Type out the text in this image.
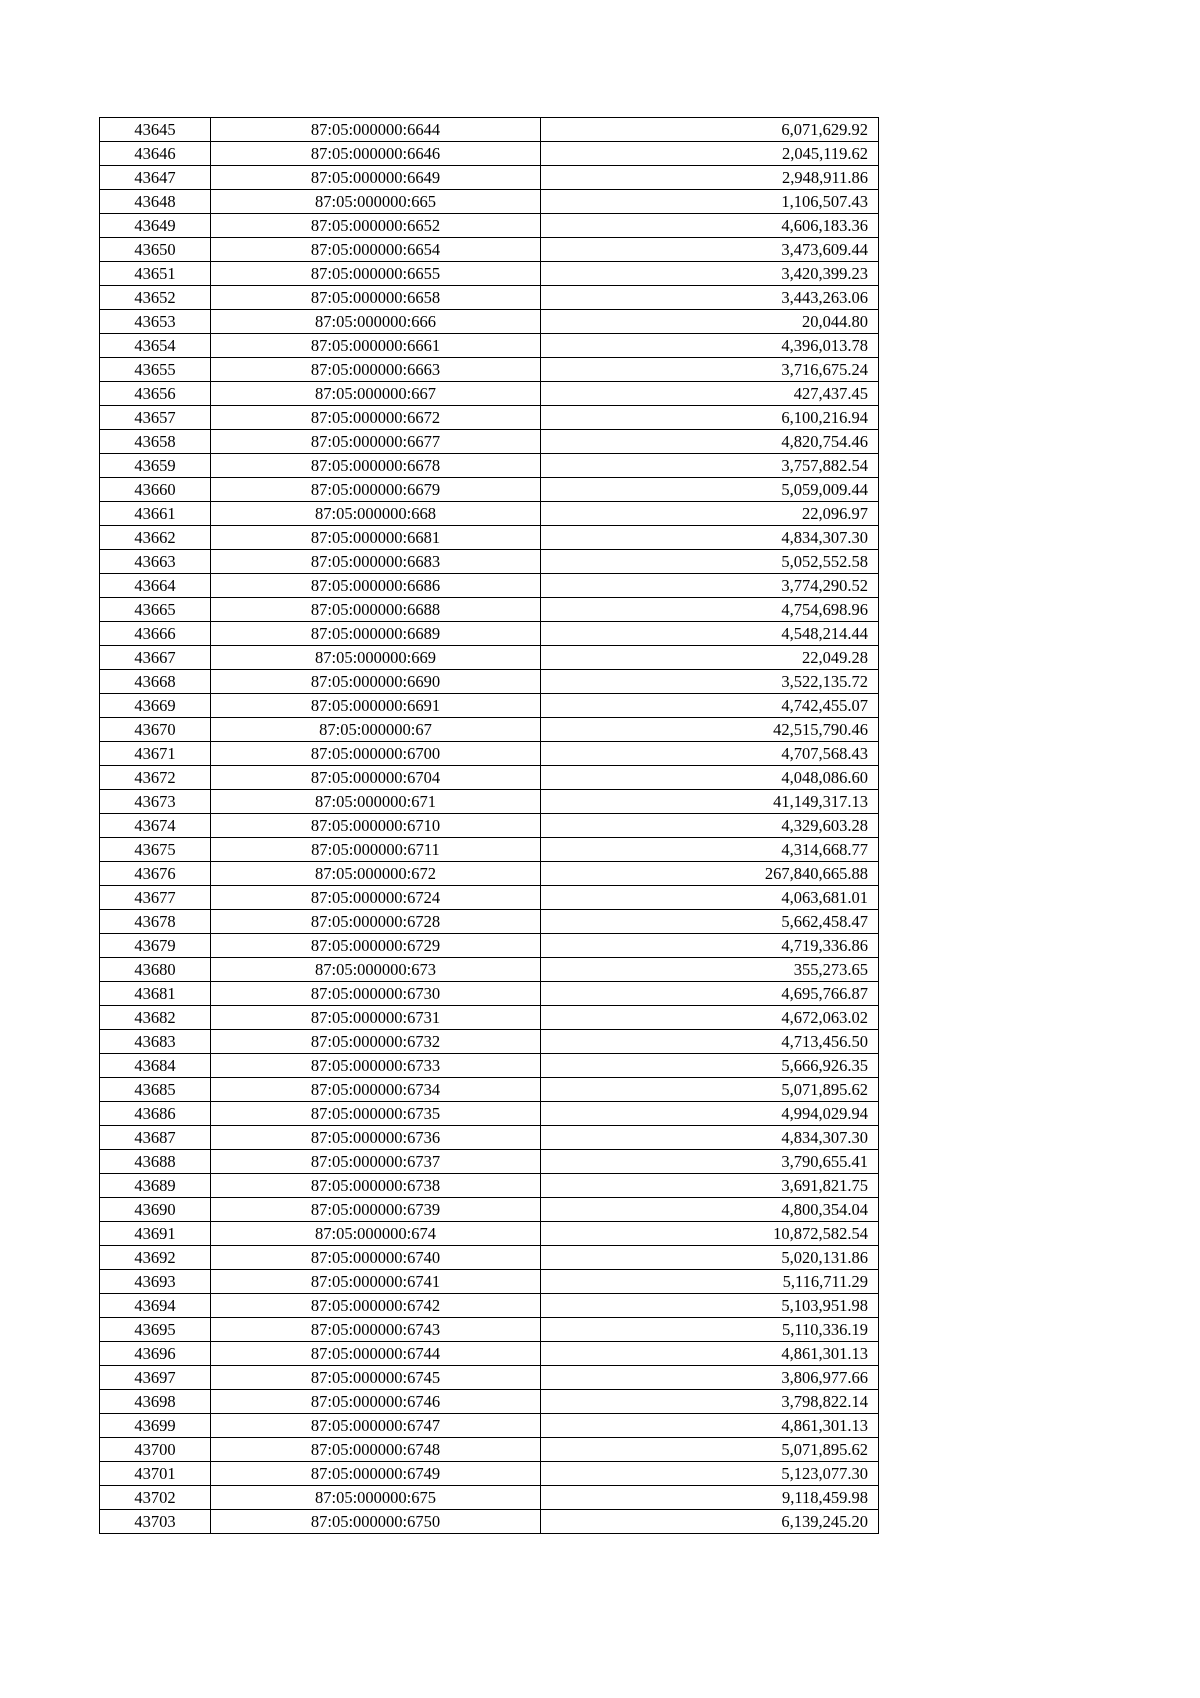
43645	87:05:000000:6644	6,071,629.92
43646	87:05:000000:6646	2,045,119.62
43647	87:05:000000:6649	2,948,911.86
43648	87:05:000000:665	1,106,507.43
43649	87:05:000000:6652	4,606,183.36
43650	87:05:000000:6654	3,473,609.44
43651	87:05:000000:6655	3,420,399.23
43652	87:05:000000:6658	3,443,263.06
43653	87:05:000000:666	20,044.80
43654	87:05:000000:6661	4,396,013.78
43655	87:05:000000:6663	3,716,675.24
43656	87:05:000000:667	427,437.45
43657	87:05:000000:6672	6,100,216.94
43658	87:05:000000:6677	4,820,754.46
43659	87:05:000000:6678	3,757,882.54
43660	87:05:000000:6679	5,059,009.44
43661	87:05:000000:668	22,096.97
43662	87:05:000000:6681	4,834,307.30
43663	87:05:000000:6683	5,052,552.58
43664	87:05:000000:6686	3,774,290.52
43665	87:05:000000:6688	4,754,698.96
43666	87:05:000000:6689	4,548,214.44
43667	87:05:000000:669	22,049.28
43668	87:05:000000:6690	3,522,135.72
43669	87:05:000000:6691	4,742,455.07
43670	87:05:000000:67	42,515,790.46
43671	87:05:000000:6700	4,707,568.43
43672	87:05:000000:6704	4,048,086.60
43673	87:05:000000:671	41,149,317.13
43674	87:05:000000:6710	4,329,603.28
43675	87:05:000000:6711	4,314,668.77
43676	87:05:000000:672	267,840,665.88
43677	87:05:000000:6724	4,063,681.01
43678	87:05:000000:6728	5,662,458.47
43679	87:05:000000:6729	4,719,336.86
43680	87:05:000000:673	355,273.65
43681	87:05:000000:6730	4,695,766.87
43682	87:05:000000:6731	4,672,063.02
43683	87:05:000000:6732	4,713,456.50
43684	87:05:000000:6733	5,666,926.35
43685	87:05:000000:6734	5,071,895.62
43686	87:05:000000:6735	4,994,029.94
43687	87:05:000000:6736	4,834,307.30
43688	87:05:000000:6737	3,790,655.41
43689	87:05:000000:6738	3,691,821.75
43690	87:05:000000:6739	4,800,354.04
43691	87:05:000000:674	10,872,582.54
43692	87:05:000000:6740	5,020,131.86
43693	87:05:000000:6741	5,116,711.29
43694	87:05:000000:6742	5,103,951.98
43695	87:05:000000:6743	5,110,336.19
43696	87:05:000000:6744	4,861,301.13
43697	87:05:000000:6745	3,806,977.66
43698	87:05:000000:6746	3,798,822.14
43699	87:05:000000:6747	4,861,301.13
43700	87:05:000000:6748	5,071,895.62
43701	87:05:000000:6749	5,123,077.30
43702	87:05:000000:675	9,118,459.98
43703	87:05:000000:6750	6,139,245.20
